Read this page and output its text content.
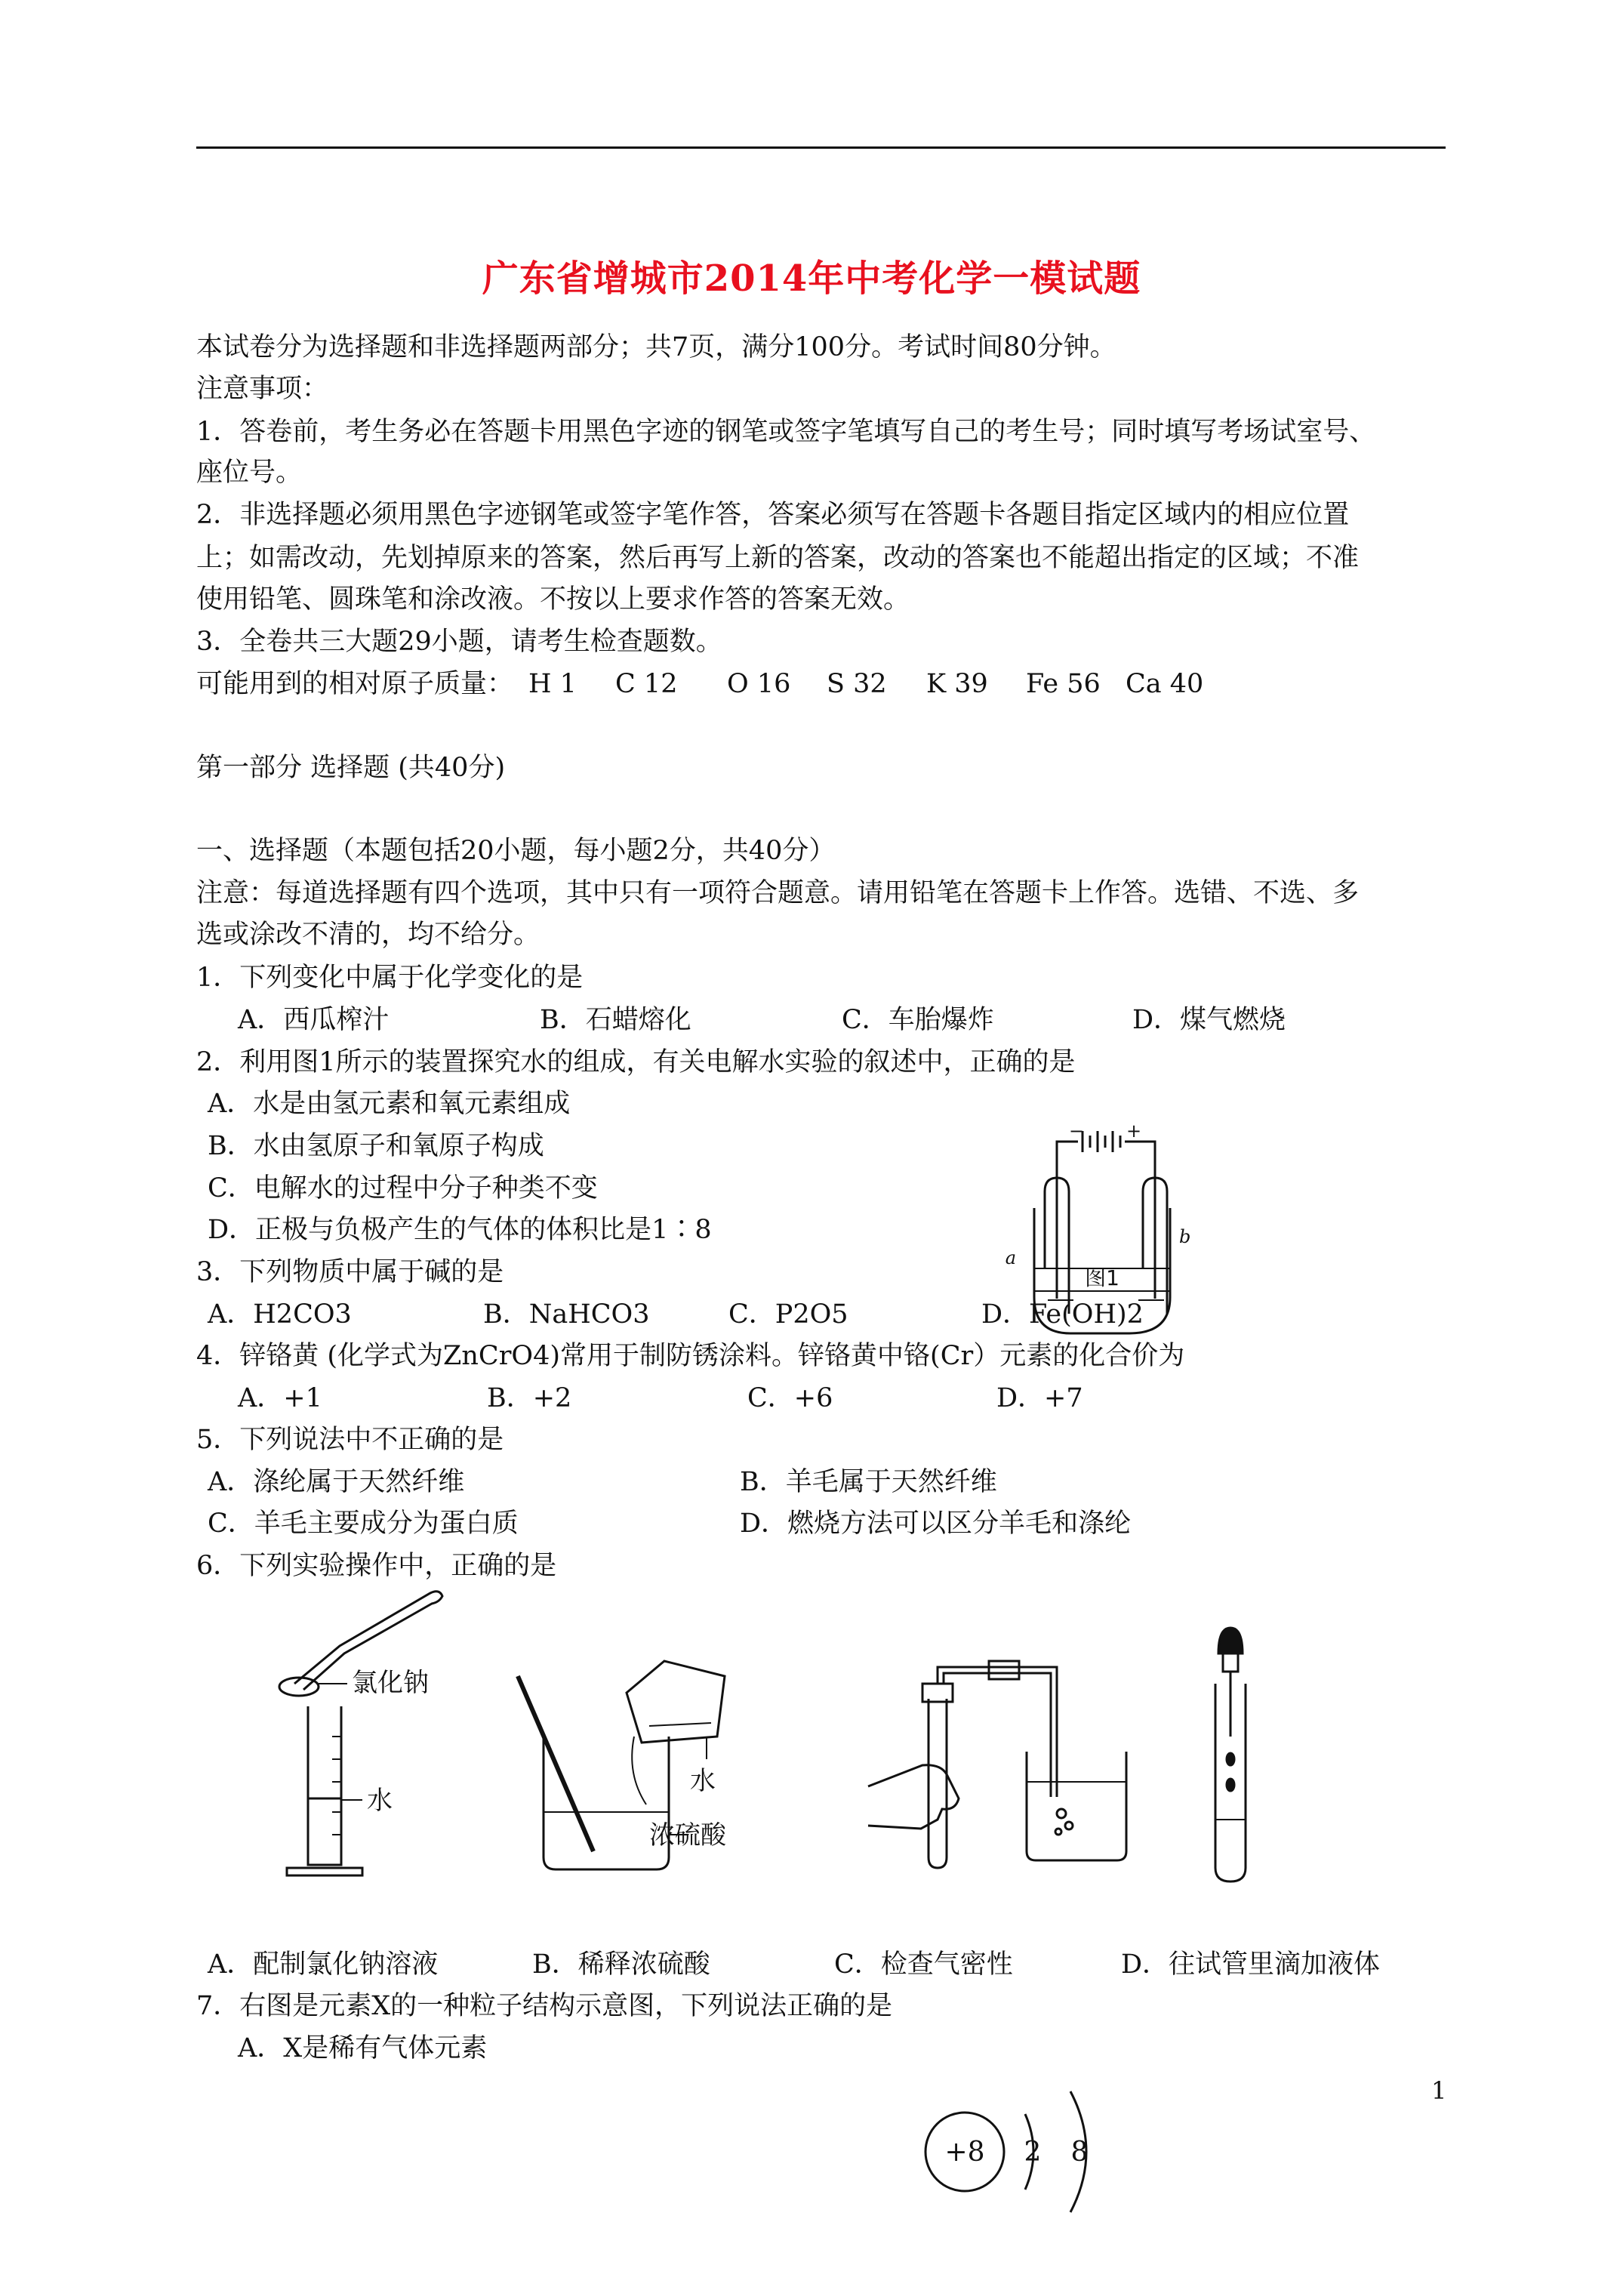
广东省增城市2014年中考化学一模试题
本试卷分为选择题和非选择题两部分；共7页，满分100分。考试时间80分钟。
注意事项：
1．答卷前，考生务必在答题卡用黑色字迹的钢笔或签字笔填写自己的考生号；同时填写考场试室号、
座位号。
2．非选择题必须用黑色字迹钢笔或签字笔作答，答案必须写在答题卡各题目指定区域内的相应位置
上；如需改动，先划掉原来的答案，然后再写上新的答案，改动的答案也不能超出指定的区域；不准
使用铅笔、圆珠笔和涂改液。不按以上要求作答的答案无效。
3．全卷共三大题29小题，请考生检查题数。
可能用到的相对原子质量： H 1 C 12 O 16 S 32 K 39 Fe 56 Ca 40
第一部分 选择题 (共40分)
一、选择题（本题包括20小题，每小题2分，共40分）
注意：每道选择题有四个选项，其中只有一项符合题意。请用铅笔在答题卡上作答。选错、不选、多
选或涂改不清的，均不给分。
1．下列变化中属于化学变化的是
A．西瓜榨汁	B．石蜡熔化	C．车胎爆炸	D．煤气燃烧
2．利用图1所示的装置探究水的组成，有关电解水实验的叙述中，正确的是
A．水是由氢元素和氧元素组成
B．水由氢原子和氧原子构成
C．电解水的过程中分子种类不变
D．正极与负极产生的气体的体积比是1∶8
a
b
− +
图1
3．下列物质中属于碱的是
A．H2CO3	B．NaHCO3	C．P2O5	D．Fe(OH)2
4．锌铬黄 (化学式为ZnCrO4)常用于制防锈涂料。锌铬黄中铬(Cr）元素的化合价为
A．+1	B．+2	C．+6	D．+7
5．下列说法中不正确的是
A．涤纶属于天然纤维	B．羊毛属于天然纤维
C．羊毛主要成分为蛋白质	D．燃烧方法可以区分羊毛和涤纶
6．下列实验操作中，正确的是
氯化钠
水
水
浓硫酸
A．配制氯化钠溶液	B．稀释浓硫酸	C．检查气密性	D．往试管里滴加液体
7．右图是元素X的一种粒子结构示意图，下列说法正确的是
A．X是稀有气体元素
+8 2 8
1
